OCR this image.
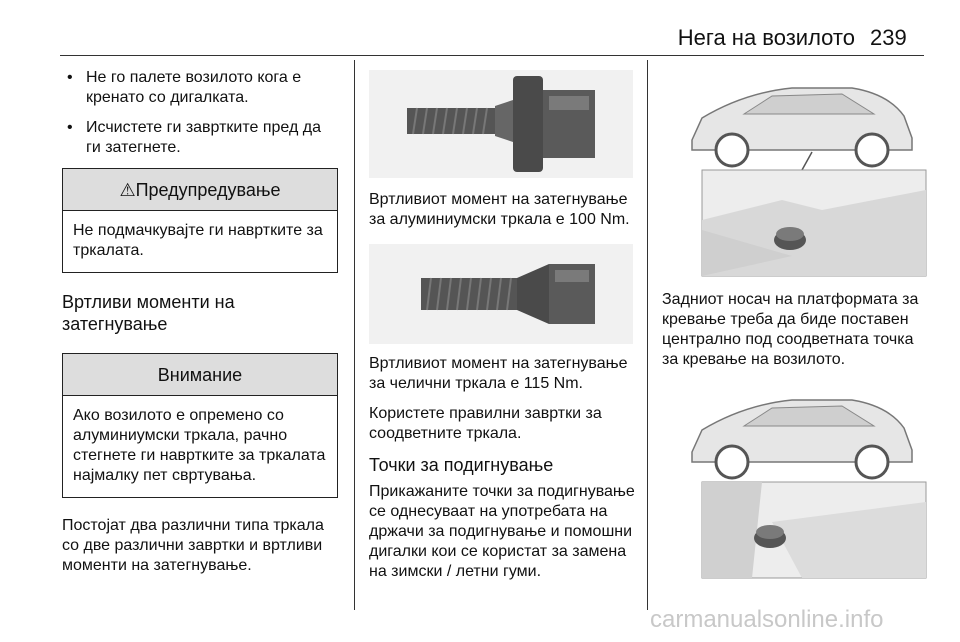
Нега на возилото 239
• Не го палете возилото кога е кренато со дигалката.
• Исчистете ги завртките пред да ги затегнете.
⚠Предупредување
Не подмачкувајте ги навртките за тркалата.
Вртливи моменти на затегнување
Внимание
Ако возилото е опремено со алуминиумски тркала, рачно стегнете ги навртките за тркалата најмалку пет свртувања.
Постојат два различни типа тркала со две различни завртки и вртливи моменти на затегнување.
Вртливиот момент на затегнување за алуминиумски тркала е 100 Nm.
Вртливиот момент на затегнување за челични тркала е 115 Nm.
Користете правилни завртки за соодветните тркала.
Точки за подигнување
Прикажаните точки за подигнување се однесуваат на употребата на држачи за подигнување и помошни дигалки кои се користат за замена на зимски / летни гуми.
Задниот носач на платформата за кревање треба да биде поставен централно под соодветната точка за кревање на возилото.
carmanualsonline.info
